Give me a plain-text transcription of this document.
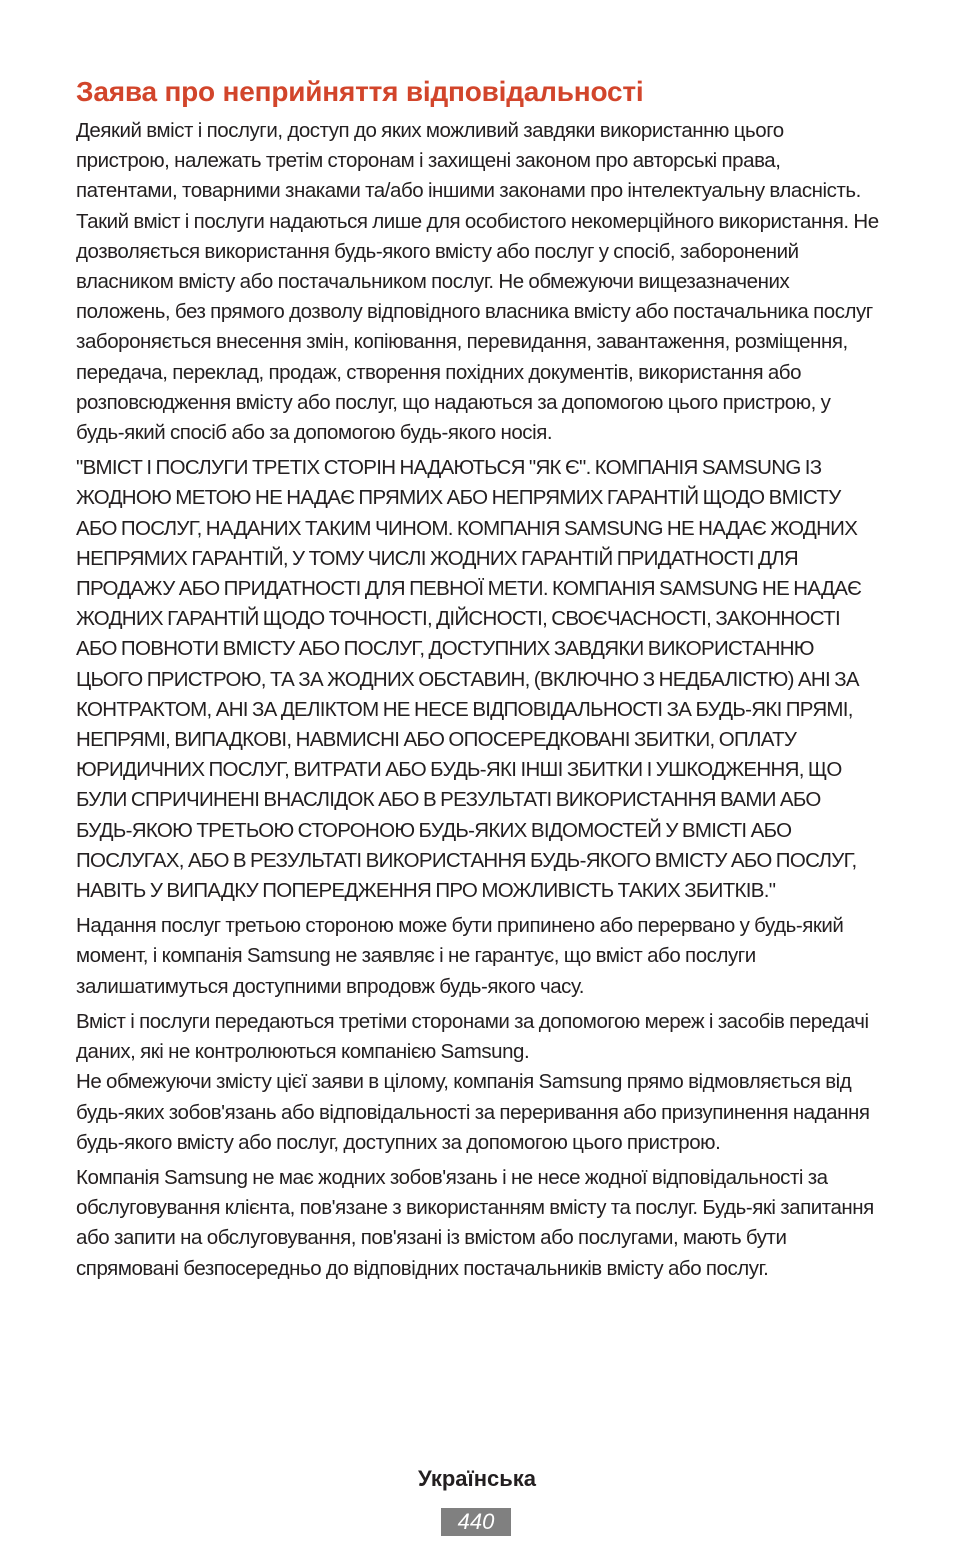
Заява про неприйняття відповідальності

Деякий вміст і послуги, доступ до яких можливий завдяки використанню цього пристрою, належать третім сторонам і захищені законом про авторські права, патентами, товарними знаками та/або іншими законами про інтелектуальну власність. Такий вміст і послуги надаються лише для особистого некомерційного використання. Не дозволяється використання будь-якого вмісту або послуг у спосіб, заборонений власником вмісту або постачальником послуг. Не обмежуючи вищезазначених положень, без прямого дозволу відповідного власника вмісту або постачальника послуг забороняється внесення змін, копіювання, перевидання, завантаження, розміщення, передача, переклад, продаж, створення похідних документів, використання або розповсюдження вмісту або послуг, що надаються за допомогою цього пристрою, у будь-який спосіб або за допомогою будь-якого носія.

"ВМІСТ І ПОСЛУГИ ТРЕТІХ СТОРІН НАДАЮТЬСЯ "ЯК Є". КОМПАНІЯ SAMSUNG ІЗ ЖОДНОЮ МЕТОЮ НЕ НАДАЄ ПРЯМИХ АБО НЕПРЯМИХ ГАРАНТІЙ ЩОДО ВМІСТУ АБО ПОСЛУГ, НАДАНИХ ТАКИМ ЧИНОМ. КОМПАНІЯ SAMSUNG НЕ НАДАЄ ЖОДНИХ НЕПРЯМИХ ГАРАНТІЙ, У ТОМУ ЧИСЛІ ЖОДНИХ ГАРАНТІЙ ПРИДАТНОСТІ ДЛЯ ПРОДАЖУ АБО ПРИДАТНОСТІ ДЛЯ ПЕВНОЇ МЕТИ. КОМПАНІЯ SAMSUNG НЕ НАДАЄ ЖОДНИХ ГАРАНТІЙ ЩОДО ТОЧНОСТІ, ДІЙСНОСТІ, СВОЄЧАСНОСТІ, ЗАКОННОСТІ АБО ПОВНОТИ ВМІСТУ АБО ПОСЛУГ, ДОСТУПНИХ ЗАВДЯКИ ВИКОРИСТАННЮ ЦЬОГО ПРИСТРОЮ, ТА ЗА ЖОДНИХ ОБСТАВИН, (ВКЛЮЧНО З НЕДБАЛІСТЮ) АНІ ЗА КОНТРАКТОМ, АНІ ЗА ДЕЛІКТОМ НЕ НЕСЕ ВІДПОВІДАЛЬНОСТІ ЗА БУДЬ-ЯКІ ПРЯМІ, НЕПРЯМІ, ВИПАДКОВІ, НАВМИСНІ АБО ОПОСЕРЕДКОВАНІ ЗБИТКИ, ОПЛАТУ ЮРИДИЧНИХ ПОСЛУГ, ВИТРАТИ АБО БУДЬ-ЯКІ ІНШІ ЗБИТКИ І УШКОДЖЕННЯ, ЩО БУЛИ СПРИЧИНЕНІ ВНАСЛІДОК АБО В РЕЗУЛЬТАТІ ВИКОРИСТАННЯ ВАМИ АБО БУДЬ-ЯКОЮ ТРЕТЬОЮ СТОРОНОЮ БУДЬ-ЯКИХ ВІДОМОСТЕЙ У ВМІСТІ АБО ПОСЛУГАХ, АБО В РЕЗУЛЬТАТІ ВИКОРИСТАННЯ БУДЬ-ЯКОГО ВМІСТУ АБО ПОСЛУГ, НАВІТЬ У ВИПАДКУ ПОПЕРЕДЖЕННЯ ПРО МОЖЛИВІСТЬ ТАКИХ ЗБИТКІВ."

Надання послуг третьою стороною може бути припинено або перервано у будь-який момент, і компанія Samsung не заявляє і не гарантує, що вміст або послуги залишатимуться доступними впродовж будь-якого часу.

Вміст і послуги передаються третіми сторонами за допомогою мереж і засобів передачі даних, які не контролюються компанією Samsung.

Не обмежуючи змісту цієї заяви в цілому, компанія Samsung прямо відмовляється від будь-яких зобов'язань або відповідальності за переривання або призупинення надання будь-якого вмісту або послуг, доступних за допомогою цього пристрою.

Компанія Samsung не має жодних зобов'язань і не несе жодної відповідальності за обслуговування клієнта, пов'язане з використанням вмісту та послуг. Будь-які запитання або запити на обслуговування, пов'язані із вмістом або послугами, мають бути спрямовані безпосередньо до відповідних постачальників вмісту або послуг.

Українська
440
